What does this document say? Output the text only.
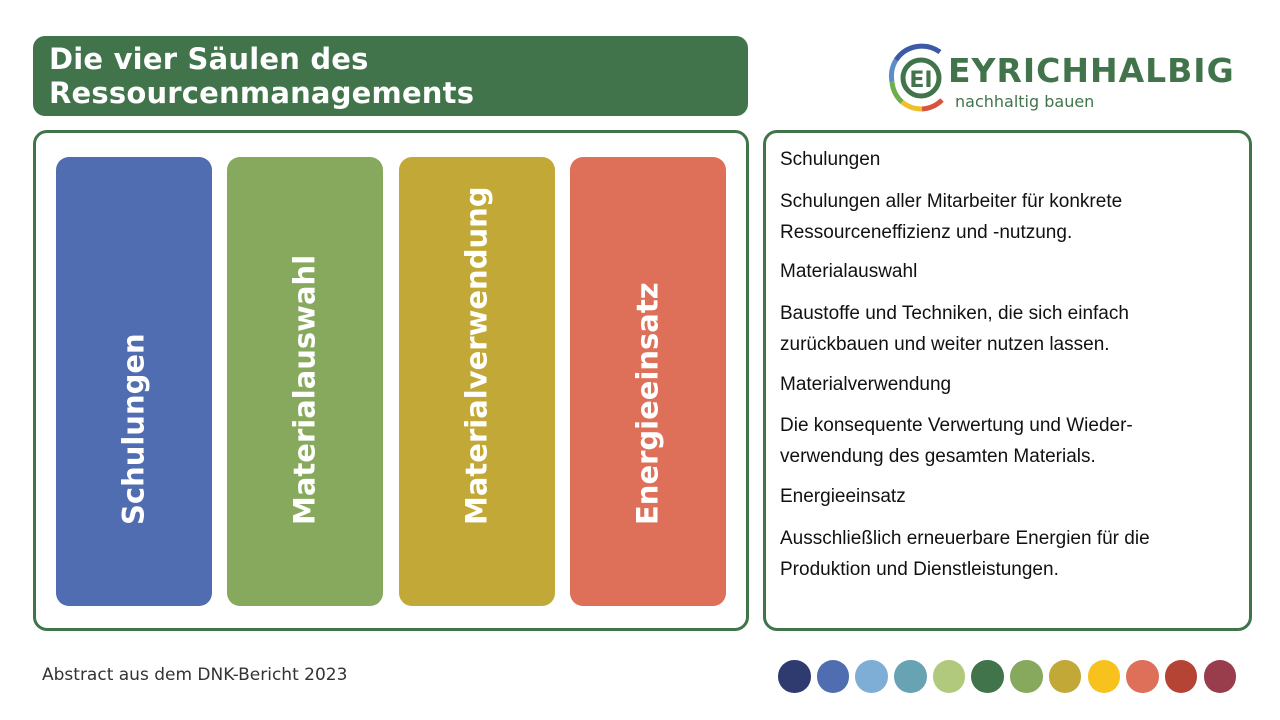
Die vier Säulen des Ressourcenmanagements	EI EYRICHHALBIG
nachhaltig bauen
Schulungen	Materialauswahl	Materialverwendung	Energieeinsatz

Schulungen

Schulungen aller Mitarbeiter für konkrete Ressourceneffizienz und -nutzung.

Materialauswahl

Baustoffe und Techniken, die sich einfach zurückbauen und weiter nutzen lassen.

Materialverwendung

Die konsequente Verwertung und Wieder-verwendung des gesamten Materials.

Energieeinsatz

Ausschließlich erneuerbare Energien für die Produktion und Dienstleistungen.

Abstract aus dem DNK-Bericht 2023
